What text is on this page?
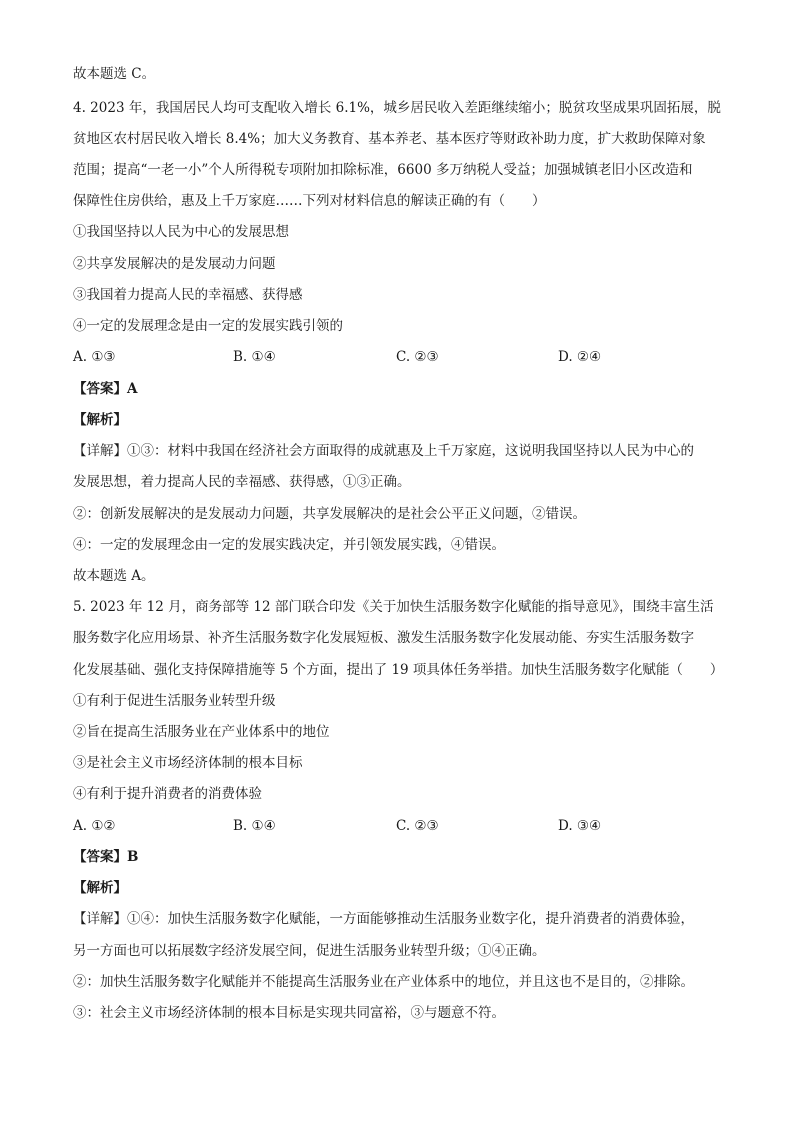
故本题选 C。
4. 2023 年，我国居民人均可支配收入增长 6.1%，城乡居民收入差距继续缩小；脱贫攻坚成果巩固拓展，脱
贫地区农村居民收入增长 8.4%；加大义务教育、基本养老、基本医疗等财政补助力度，扩大救助保障对象
范围；提高“一老一小”个人所得税专项附加扣除标准，6600 多万纳税人受益；加强城镇老旧小区改造和
保障性住房供给，惠及上千万家庭……下列对材料信息的解读正确的有（　　）
①我国坚持以人民为中心的发展思想
②共享发展解决的是发展动力问题
③我国着力提高人民的幸福感、获得感
④一定的发展理念是由一定的发展实践引领的
A. ①③	B. ①④	C. ②③	D. ②④
【答案】A
【解析】
【详解】①③：材料中我国在经济社会方面取得的成就惠及上千万家庭，这说明我国坚持以人民为中心的
发展思想，着力提高人民的幸福感、获得感，①③正确。
②：创新发展解决的是发展动力问题，共享发展解决的是社会公平正义问题，②错误。
④：一定的发展理念由一定的发展实践决定，并引领发展实践，④错误。
故本题选 A。
5. 2023 年 12 月，商务部等 12 部门联合印发《关于加快生活服务数字化赋能的指导意见》，围绕丰富生活
服务数字化应用场景、补齐生活服务数字化发展短板、激发生活服务数字化发展动能、夯实生活服务数字
化发展基础、强化支持保障措施等 5 个方面，提出了 19 项具体任务举措。加快生活服务数字化赋能（　　）
①有利于促进生活服务业转型升级
②旨在提高生活服务业在产业体系中的地位
③是社会主义市场经济体制的根本目标
④有利于提升消费者的消费体验
A. ①②	B. ①④	C. ②③	D. ③④
【答案】B
【解析】
【详解】①④：加快生活服务数字化赋能，一方面能够推动生活服务业数字化，提升消费者的消费体验，
另一方面也可以拓展数字经济发展空间，促进生活服务业转型升级；①④正确。
②：加快生活服务数字化赋能并不能提高生活服务业在产业体系中的地位，并且这也不是目的，②排除。
③：社会主义市场经济体制的根本目标是实现共同富裕，③与题意不符。
